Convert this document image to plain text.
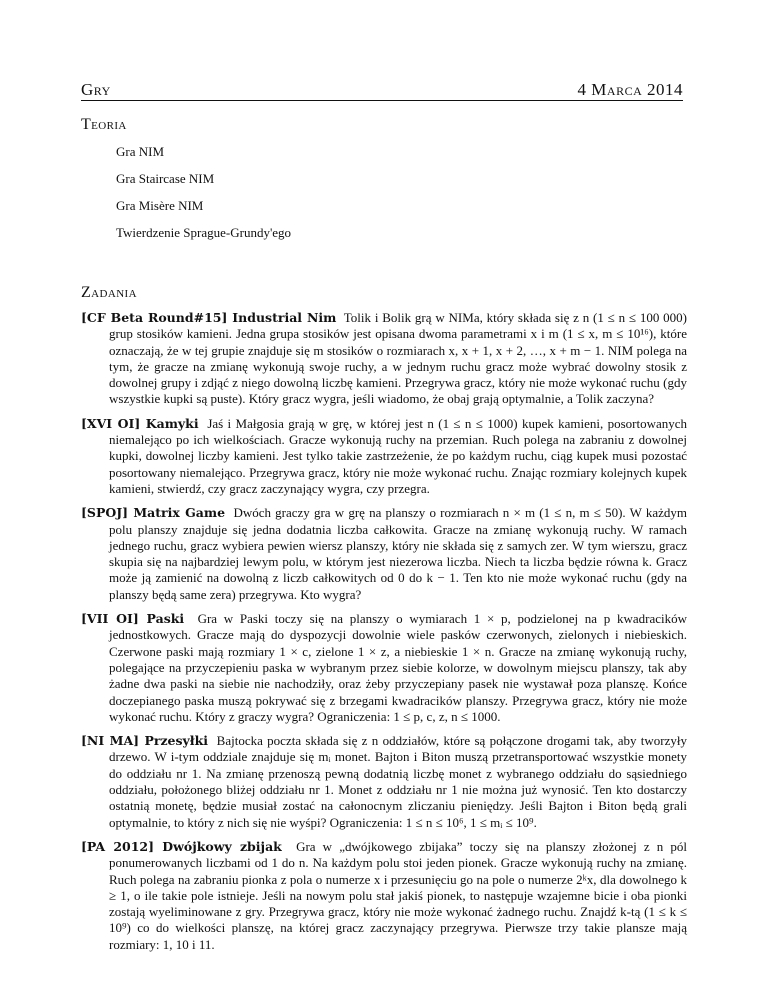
Gry	4 Marca 2014
Teoria
Gra NIM
Gra Staircase NIM
Gra Misère NIM
Twierdzenie Sprague-Grundy'ego
Zadania

[CF Beta Round#15] Industrial Nim Tolik i Bolik grą w NIMa, który składa się z n (1 ≤ n ≤ 100 000) grup stosików kamieni. Jedna grupa stosików jest opisana dwoma parametrami x i m (1 ≤ x, m ≤ 10¹⁶), które oznaczają, że w tej grupie znajduje się m stosików o rozmiarach x, x + 1, x + 2, …, x + m − 1. NIM polega na tym, że gracze na zmianę wykonują swoje ruchy, a w jednym ruchu gracz może wybrać dowolny stosik z dowolnej grupy i zdjąć z niego dowolną liczbę kamieni. Przegrywa gracz, który nie może wykonać ruchu (gdy wszystkie kupki są puste). Który gracz wygra, jeśli wiadomo, że obaj grają optymalnie, a Tolik zaczyna?

[XVI OI] Kamyki Jaś i Małgosia grają w grę, w której jest n (1 ≤ n ≤ 1000) kupek kamieni, posortowanych niemalejąco po ich wielkościach. Gracze wykonują ruchy na przemian. Ruch polega na zabraniu z dowolnej kupki, dowolnej liczby kamieni. Jest tylko takie zastrzeżenie, że po każdym ruchu, ciąg kupek musi pozostać posortowany niemalejąco. Przegrywa gracz, który nie może wykonać ruchu. Znając rozmiary kolejnych kupek kamieni, stwierdź, czy gracz zaczynający wygra, czy przegra.

[SPOJ] Matrix Game Dwóch graczy gra w grę na planszy o rozmiarach n × m (1 ≤ n, m ≤ 50). W każdym polu planszy znajduje się jedna dodatnia liczba całkowita. Gracze na zmianę wykonują ruchy. W ramach jednego ruchu, gracz wybiera pewien wiersz planszy, który nie składa się z samych zer. W tym wierszu, gracz skupia się na najbardziej lewym polu, w którym jest niezerowa liczba. Niech ta liczba będzie równa k. Gracz może ją zamienić na dowolną z liczb całkowitych od 0 do k − 1. Ten kto nie może wykonać ruchu (gdy na planszy będą same zera) przegrywa. Kto wygra?

[VII OI] Paski Gra w Paski toczy się na planszy o wymiarach 1 × p, podzielonej na p kwadracików jednostkowych. Gracze mają do dyspozycji dowolnie wiele pasków czerwonych, zielonych i niebieskich. Czerwone paski mają rozmiary 1 × c, zielone 1 × z, a niebieskie 1 × n. Gracze na zmianę wykonują ruchy, polegające na przyczepieniu paska w wybranym przez siebie kolorze, w dowolnym miejscu planszy, tak aby żadne dwa paski na siebie nie nachodziły, oraz żeby przyczepiany pasek nie wystawał poza planszę. Końce doczepianego paska muszą pokrywać się z brzegami kwadracików planszy. Przegrywa gracz, który nie może wykonać ruchu. Który z graczy wygra? Ograniczenia: 1 ≤ p, c, z, n ≤ 1000.

[NI MA] Przesyłki Bajtocka poczta składa się z n oddziałów, które są połączone drogami tak, aby tworzyły drzewo. W i-tym oddziale znajduje się mᵢ monet. Bajton i Biton muszą przetransportować wszystkie monety do oddziału nr 1. Na zmianę przenoszą pewną dodatnią liczbę monet z wybranego oddziału do sąsiedniego oddziału, położonego bliżej oddziału nr 1. Monet z oddziału nr 1 nie można już wynosić. Ten kto dostarczy ostatnią monetę, będzie musiał zostać na całonocnym zliczaniu pieniędzy. Jeśli Bajton i Biton będą grali optymalnie, to który z nich się nie wyśpi? Ograniczenia: 1 ≤ n ≤ 10⁶, 1 ≤ mᵢ ≤ 10⁹.

[PA 2012] Dwójkowy zbijak Gra w „dwójkowego zbijaka” toczy się na planszy złożonej z n pól ponumerowanych liczbami od 1 do n. Na każdym polu stoi jeden pionek. Gracze wykonują ruchy na zmianę. Ruch polega na zabraniu pionka z pola o numerze x i przesunięciu go na pole o numerze 2ᵏx, dla dowolnego k ≥ 1, o ile takie pole istnieje. Jeśli na nowym polu stał jakiś pionek, to następuje wzajemne bicie i oba pionki zostają wyeliminowane z gry. Przegrywa gracz, który nie może wykonać żadnego ruchu. Znajdź k-tą (1 ≤ k ≤ 10⁹) co do wielkości planszę, na której gracz zaczynający przegrywa. Pierwsze trzy takie plansze mają rozmiary: 1, 10 i 11.
